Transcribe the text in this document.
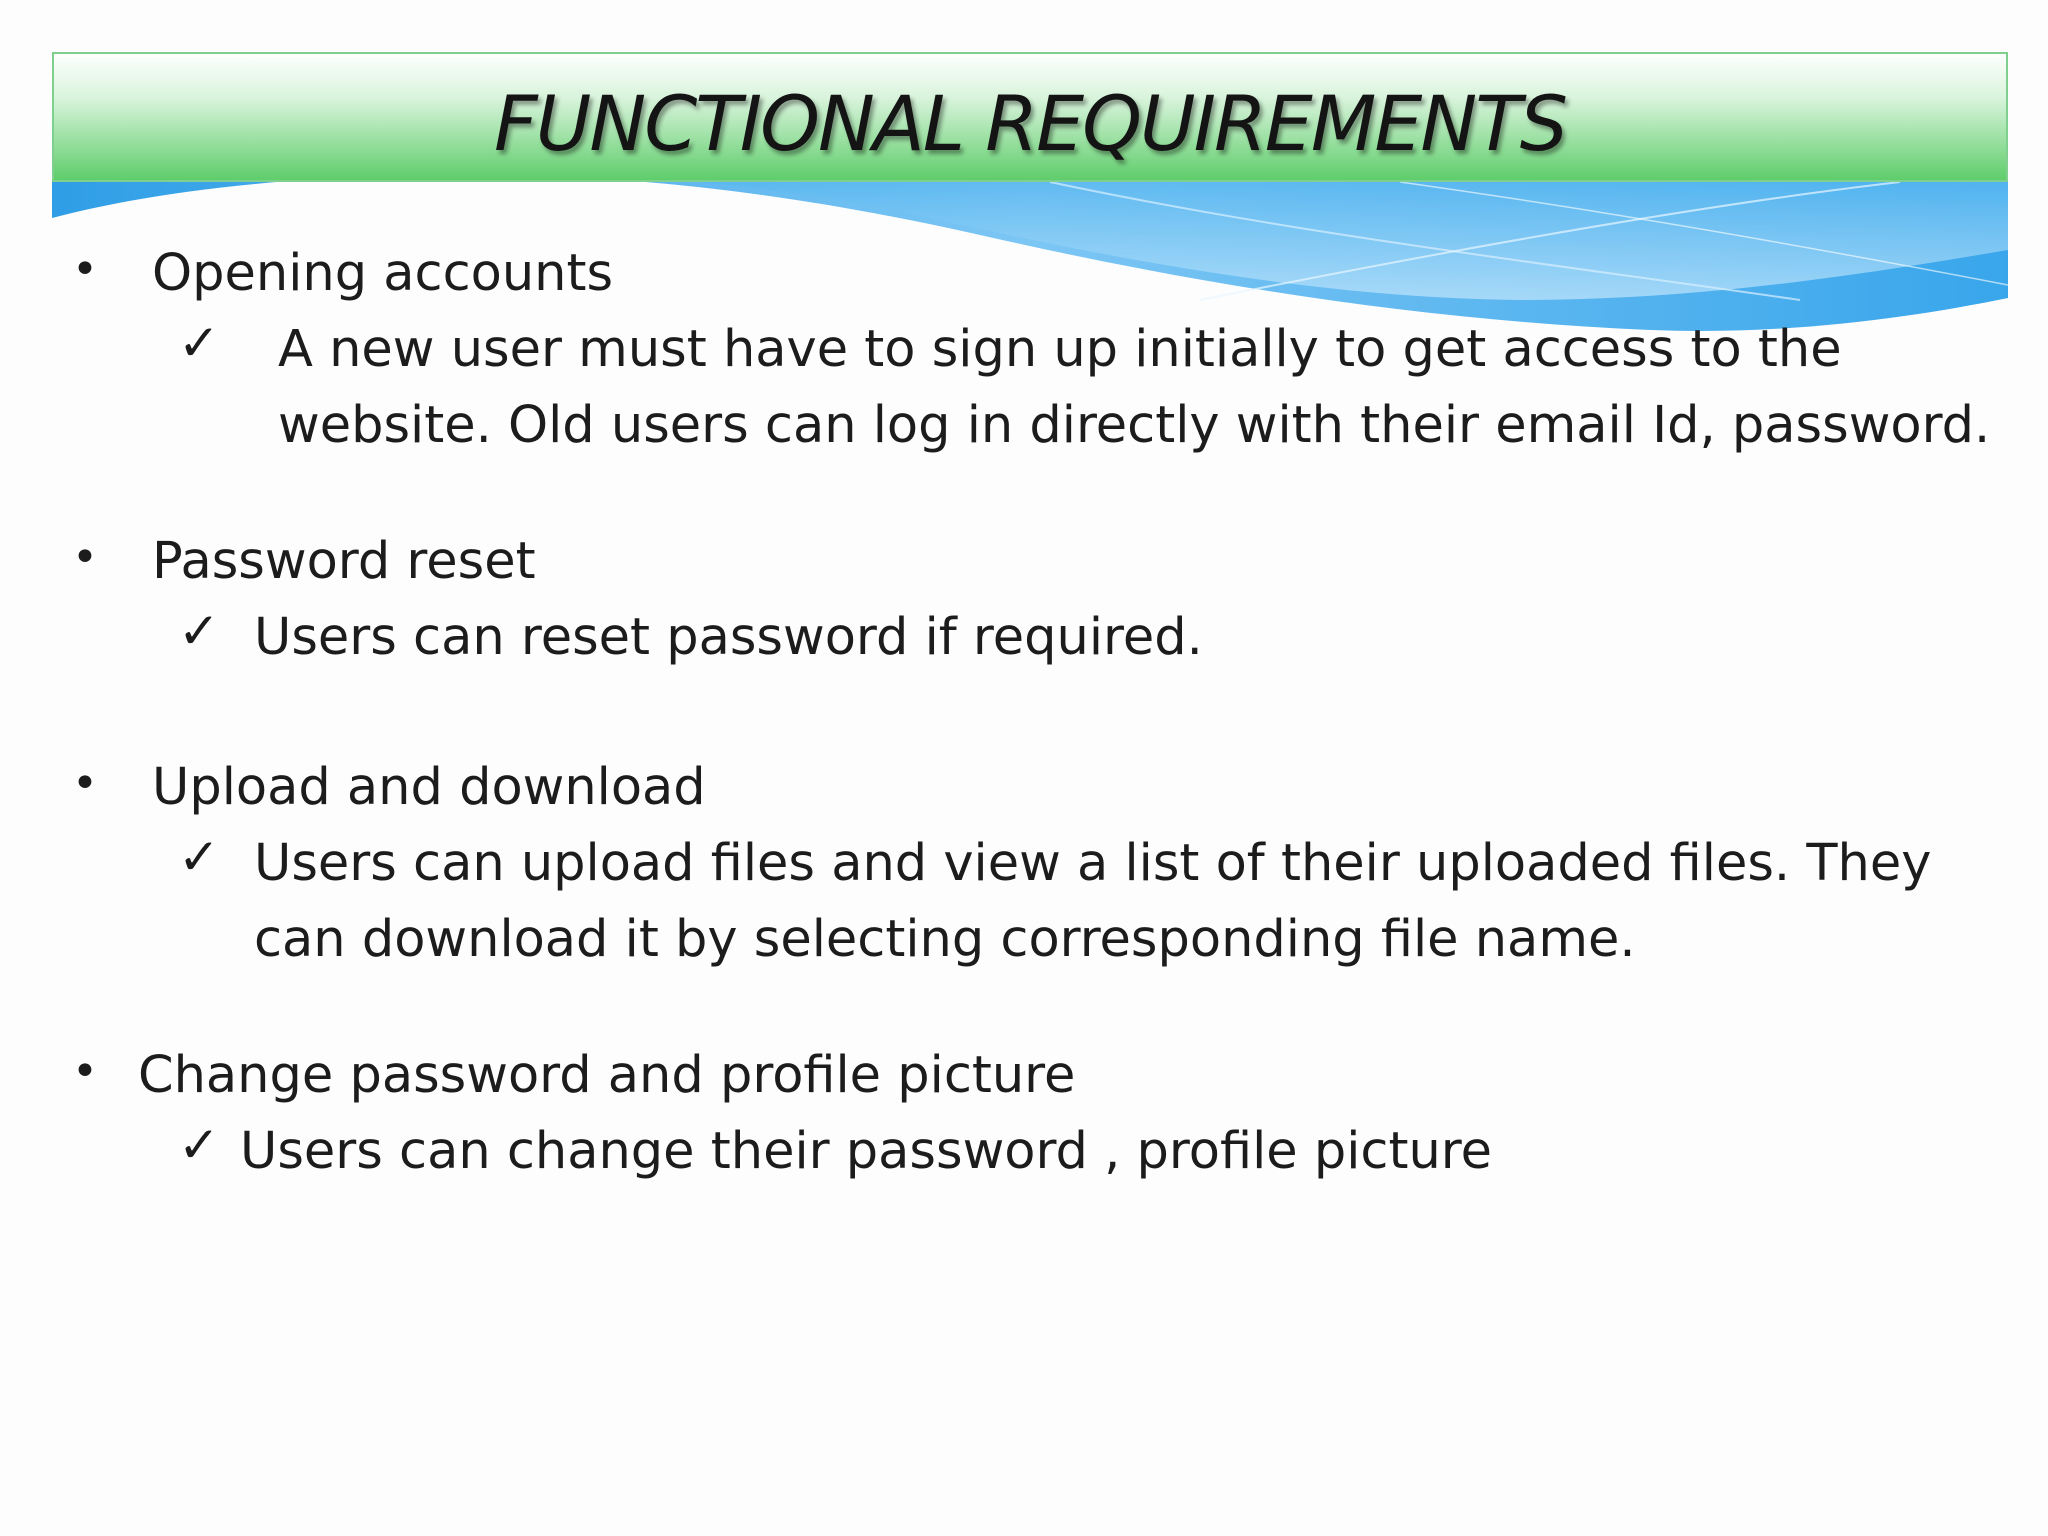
FUNCTIONAL REQUIREMENTS
• Opening accounts
✓ A new user must have to sign up initially to get access to the
website. Old users can log in directly with their email Id, password.
• Password reset
✓ Users can reset password if required.
• Upload and download
✓ Users can upload files and view a list of their uploaded files. They
can download it by selecting corresponding file name.
• Change password and profile picture
✓ Users can change their password , profile picture
